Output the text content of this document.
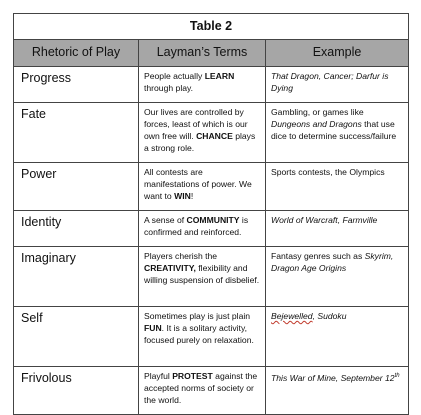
Table 2		
Rhetoric of Play	Layman’s Terms	Example
Progress	People actually LEARN through play.	That Dragon, Cancer; Darfur is Dying
Fate	Our lives are controlled by forces, least of which is our own free will. CHANCE plays a strong role.	Gambling, or games like Dungeons and Dragons that use dice to determine success/failure
Power	All contests are manifestations of power. We want to WIN!	Sports contests, the Olympics
Identity	A sense of COMMUNITY is confirmed and reinforced.	World of Warcraft, Farmville
Imaginary	Players cherish the CREATIVITY, flexibility and willing suspension of disbelief.	Fantasy genres such as Skyrim, Dragon Age Origins
Self	Sometimes play is just plain FUN. It is a solitary activity, focused purely on relaxation.	Bejewelled, Sudoku
Frivolous	Playful PROTEST against the accepted norms of society or the world.	This War of Mine, September 12th
